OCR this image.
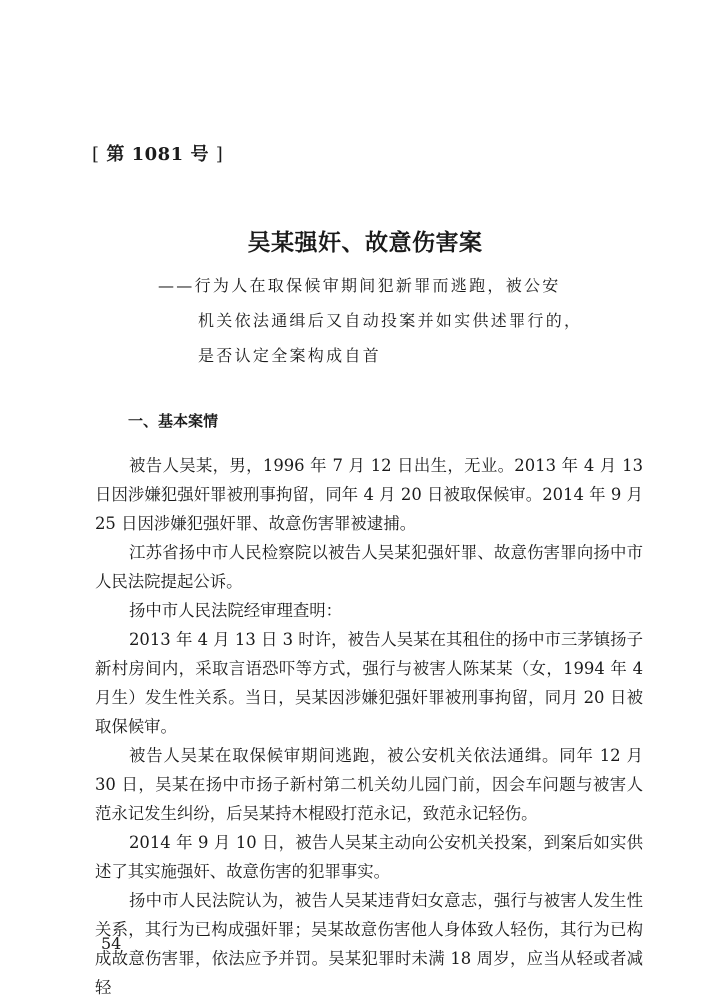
[ 第 1081 号 ]
吴某强奸、故意伤害案
——行为人在取保候审期间犯新罪而逃跑，被公安
机关依法通缉后又自动投案并如实供述罪行的，
是否认定全案构成自首
一、基本案情

被告人吴某，男，1996 年 7 月 12 日出生，无业。2013 年 4 月 13 日因涉嫌犯强奸罪被刑事拘留，同年 4 月 20 日被取保候审。2014 年 9 月 25 日因涉嫌犯强奸罪、故意伤害罪被逮捕。

江苏省扬中市人民检察院以被告人吴某犯强奸罪、故意伤害罪向扬中市人民法院提起公诉。

扬中市人民法院经审理查明：

2013 年 4 月 13 日 3 时许，被告人吴某在其租住的扬中市三茅镇扬子新村房间内，采取言语恐吓等方式，强行与被害人陈某某（女，1994 年 4 月生）发生性关系。当日，吴某因涉嫌犯强奸罪被刑事拘留，同月 20 日被取保候审。

被告人吴某在取保候审期间逃跑，被公安机关依法通缉。同年 12 月 30 日，吴某在扬中市扬子新村第二机关幼儿园门前，因会车问题与被害人范永记发生纠纷，后吴某持木棍殴打范永记，致范永记轻伤。

2014 年 9 月 10 日，被告人吴某主动向公安机关投案，到案后如实供述了其实施强奸、故意伤害的犯罪事实。

扬中市人民法院认为，被告人吴某违背妇女意志，强行与被害人发生性关系，其行为已构成强奸罪；吴某故意伤害他人身体致人轻伤，其行为已构成故意伤害罪，依法应予并罚。吴某犯罪时未满 18 周岁，应当从轻或者减轻

54
